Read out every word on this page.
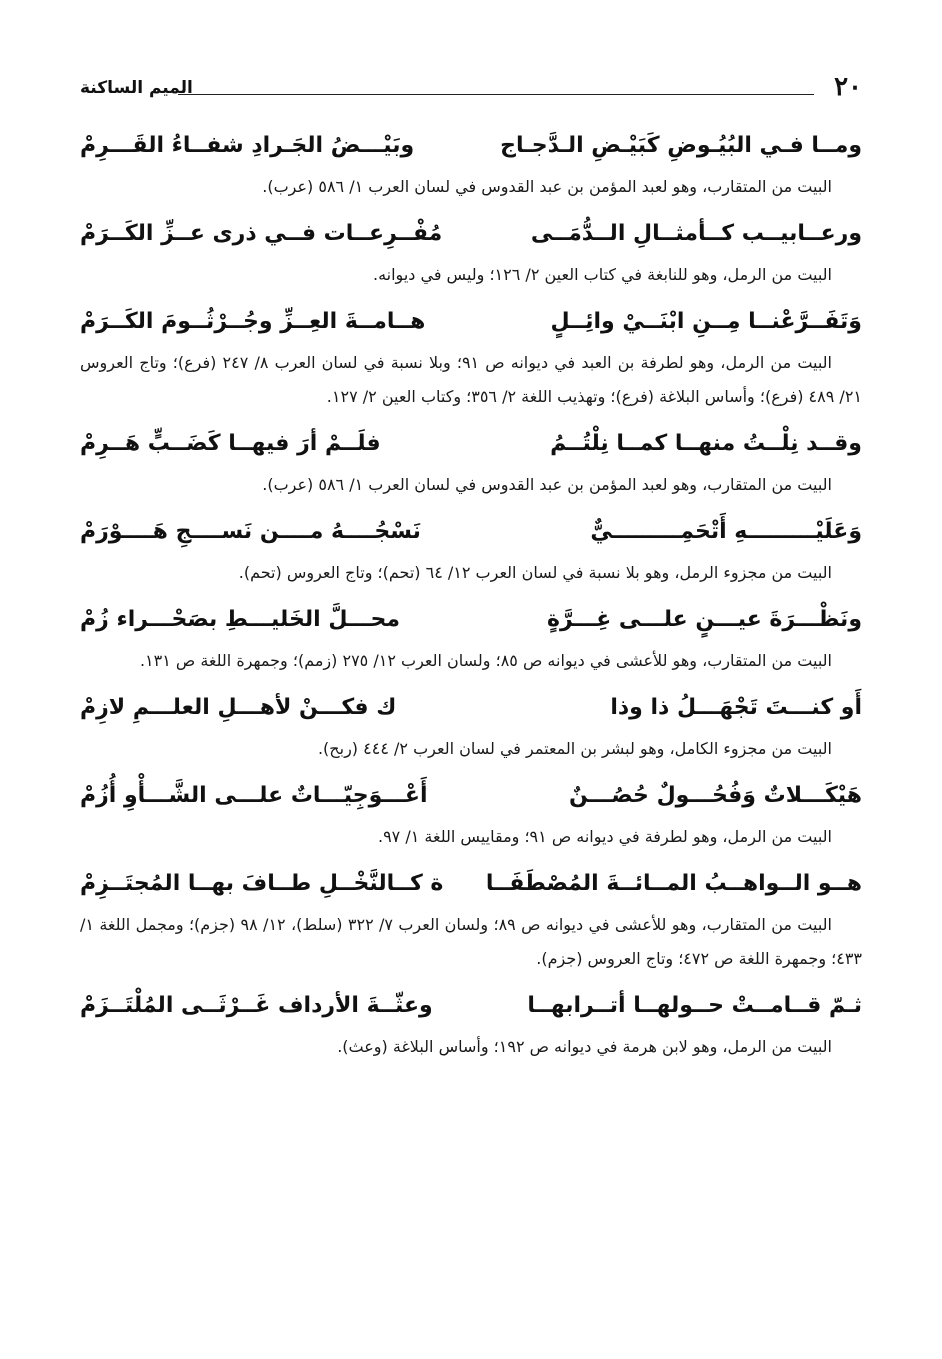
٢٠
الميم الساكنة
ومــا فـي البُيُـوضِ كَبَيْـضِ الـدَّجـاج
وبَيْـــضُ الجَـرادِ شفــاءُ القَـــرِمْ

البيت من المتقارب، وهو لعبد المؤمن بن عبد القدوس في لسان العرب ١/ ٥٨٦ (عرب).

ورعــابيــب كــأمثــالِ الــدُّمَــى
مُفْــرِعــات فــي ذرى عــزِّ الكَــرَمْ

البيت من الرمل، وهو للنابغة في كتاب العين ٢/ ١٢٦؛ وليس في ديوانه.

وَتَفَــرَّعْنــا مِــنِ ابْنَــيْ وائِــلٍ
هــامــةَ العِــزِّ وجُــرْثُــومَ الكَــرَمْ

البيت من الرمل، وهو لطرفة بن العبد في ديوانه ص ٩١؛ وبلا نسبة في لسان العرب ٨/ ٢٤٧ (فرع)؛ وتاج العروس ٢١/ ٤٨٩ (فرع)؛ وأساس البلاغة (فرع)؛ وتهذيب اللغة ٢/ ٣٥٦؛ وكتاب العين ٢/ ١٢٧.

وقــد نِلْــتُ منهــا كمــا نِلْتُــمُ
فلَــمْ أرَ فيهــا كَضَــبٍّ هَــرِمْ

البيت من المتقارب، وهو لعبد المؤمن بن عبد القدوس في لسان العرب ١/ ٥٨٦ (عرب).

وَعَلَيْـــــــــهِ أَتْحَمِـــــــــيٌّ
نَسْجُــــهُ مــــن نَســــجِ هَــــوْرَمْ

البيت من مجزوء الرمل، وهو بلا نسبة في لسان العرب ١٢/ ٦٤ (تحم)؛ وتاج العروس (تحم).

ونَظْـــرَةَ عيـــنٍ علـــى غِـــرَّةٍ
محـــلَّ الخَليـــطِ بصَحْـــراء زُمْ

البيت من المتقارب، وهو للأعشى في ديوانه ص ٨٥؛ ولسان العرب ١٢/ ٢٧٥ (زمم)؛ وجمهرة اللغة ص ١٣١.

أَو كنـــتَ تَجْهَـــلُ ذا وذا
ك فكـــنْ لأهـــلِ العلـــمِ لازِمْ

البيت من مجزوء الكامل، وهو لبشر بن المعتمر في لسان العرب ٢/ ٤٤٤ (ربح).

هَيْكَـــلاتٌ وَفُحُـــولٌ حُصُـــنٌ
أَعْـــوَجِيّـــاتٌ علـــى الشَّـــأْوِ أُزُمْ

البيت من الرمل، وهو لطرفة في ديوانه ص ٩١؛ ومقاييس اللغة ١/ ٩٧.

هــو الــواهــبُ المــائــةَ المُصْطَفَــا
ة كــالنَّخْــلِ طــافَ بهــا المُجتَــزِمْ

البيت من المتقارب، وهو للأعشى في ديوانه ص ٨٩؛ ولسان العرب ٧/ ٣٢٢ (سلط)، ١٢/ ٩٨ (جزم)؛ ومجمل اللغة ١/ ٤٣٣؛ وجمهرة اللغة ص ٤٧٢؛ وتاج العروس (جزم).

ثـمّ قــامــتْ حــولهــا أتــرابهــا
وعثّــةَ الأرداف غَــرْثَــى المُلْتَــزَمْ

البيت من الرمل، وهو لابن هرمة في ديوانه ص ١٩٢؛ وأساس البلاغة (وعث).
